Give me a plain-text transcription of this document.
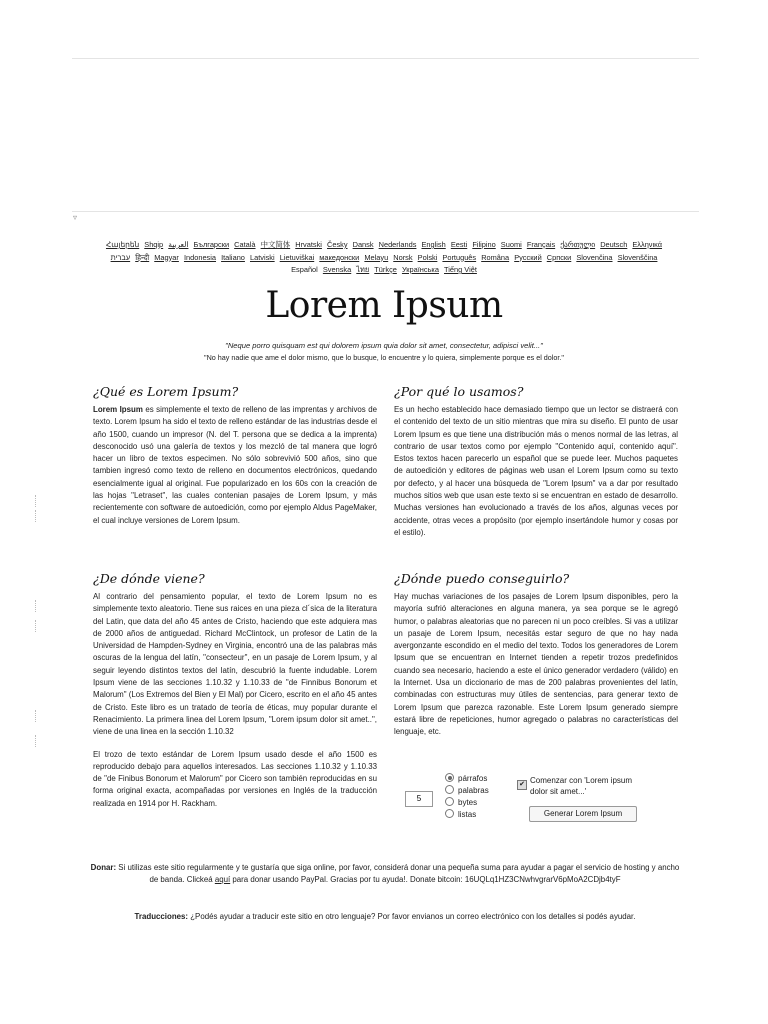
▿
Հայերեն Shqip العربية Български Català 中文简体 Hrvatski Česky Dansk Nederlands English Eesti Filipino Suomi Français ქართული Deutsch Ελληνικά
עברית हिन्दी Magyar Indonesia Italiano Latviski Lietuviškai македонски Melayu Norsk Polski Português Româna Pyccкий Српски Slovenčina Slovenščina
Español Svenska ไทย Türkçe Українська Tiếng Việt
Lorem Ipsum
"Neque porro quisquam est qui dolorem ipsum quia dolor sit amet, consectetur, adipisci velit..."
"No hay nadie que ame el dolor mismo, que lo busque, lo encuentre y lo quiera, simplemente porque es el dolor."
¿Qué es Lorem Ipsum?

Lorem Ipsum es simplemente el texto de relleno de las imprentas y archivos de texto. Lorem Ipsum ha sido el texto de relleno estándar de las industrias desde el año 1500, cuando un impresor (N. del T. persona que se dedica a la imprenta) desconocido usó una galería de textos y los mezcló de tal manera que logró hacer un libro de textos especimen. No sólo sobrevivió 500 años, sino que tambien ingresó como texto de relleno en documentos electrónicos, quedando esencialmente igual al original. Fue popularizado en los 60s con la creación de las hojas "Letraset", las cuales contenian pasajes de Lorem Ipsum, y más recientemente con software de autoedición, como por ejemplo Aldus PageMaker, el cual incluye versiones de Lorem Ipsum.

¿Por qué lo usamos?

Es un hecho establecido hace demasiado tiempo que un lector se distraerá con el contenido del texto de un sitio mientras que mira su diseño. El punto de usar Lorem Ipsum es que tiene una distribución más o menos normal de las letras, al contrario de usar textos como por ejemplo "Contenido aquí, contenido aquí". Estos textos hacen parecerlo un español que se puede leer. Muchos paquetes de autoedición y editores de páginas web usan el Lorem Ipsum como su texto por defecto, y al hacer una búsqueda de "Lorem Ipsum" va a dar por resultado muchos sitios web que usan este texto si se encuentran en estado de desarrollo. Muchas versiones han evolucionado a través de los años, algunas veces por accidente, otras veces a propósito (por ejemplo insertándole humor y cosas por el estilo).

¿De dónde viene?

Al contrario del pensamiento popular, el texto de Lorem Ipsum no es simplemente texto aleatorio. Tiene sus raices en una pieza cl´sica de la literatura del Latin, que data del año 45 antes de Cristo, haciendo que este adquiera mas de 2000 años de antiguedad. Richard McClintock, un profesor de Latin de la Universidad de Hampden-Sydney en Virginia, encontró una de las palabras más oscuras de la lengua del latín, "consecteur", en un pasaje de Lorem Ipsum, y al seguir leyendo distintos textos del latín, descubrió la fuente indudable. Lorem Ipsum viene de las secciones 1.10.32 y 1.10.33 de "de Finnibus Bonorum et Malorum" (Los Extremos del Bien y El Mal) por Cicero, escrito en el año 45 antes de Cristo. Este libro es un tratado de teoría de éticas, muy popular durante el Renacimiento. La primera linea del Lorem Ipsum, "Lorem ipsum dolor sit amet..", viene de una linea en la sección 1.10.32

El trozo de texto estándar de Lorem Ipsum usado desde el año 1500 es reproducido debajo para aquellos interesados. Las secciones 1.10.32 y 1.10.33 de "de Finibus Bonorum et Malorum" por Cicero son también reproducidas en su forma original exacta, acompañadas por versiones en Inglés de la traducción realizada en 1914 por H. Rackham.

¿Dónde puedo conseguirlo?

Hay muchas variaciones de los pasajes de Lorem Ipsum disponibles, pero la mayoría sufrió alteraciones en alguna manera, ya sea porque se le agregó humor, o palabras aleatorias que no parecen ni un poco creíbles. Si vas a utilizar un pasaje de Lorem Ipsum, necesitás estar seguro de que no hay nada avergonzante escondido en el medio del texto. Todos los generadores de Lorem Ipsum que se encuentran en Internet tienden a repetir trozos predefinidos cuando sea necesario, haciendo a este el único generador verdadero (válido) en la Internet. Usa un diccionario de mas de 200 palabras provenientes del latín, combinadas con estructuras muy útiles de sentencias, para generar texto de Lorem Ipsum que parezca razonable. Este Lorem Ipsum generado siempre estará libre de repeticiones, humor agregado o palabras no características del lenguaje, etc.

5
párrafos
palabras
bytes
listas
✔ Comenzar con 'Lorem ipsum dolor sit amet...'
Generar Lorem Ipsum
Donar: Si utilizas este sitio regularmente y te gustaría que siga online, por favor, considerá donar una pequeña suma para ayudar a pagar el servicio de hosting y ancho de banda. Clickeá aquí para donar usando PayPal. Gracias por tu ayuda!. Donate bitcoin: 16UQLq1HZ3CNwhvgrarV6pMoA2CDjb4tyF
Traducciones: ¿Podés ayudar a traducir este sitio en otro lenguaje? Por favor envianos un correo electrónico con los detalles si podés ayudar.
